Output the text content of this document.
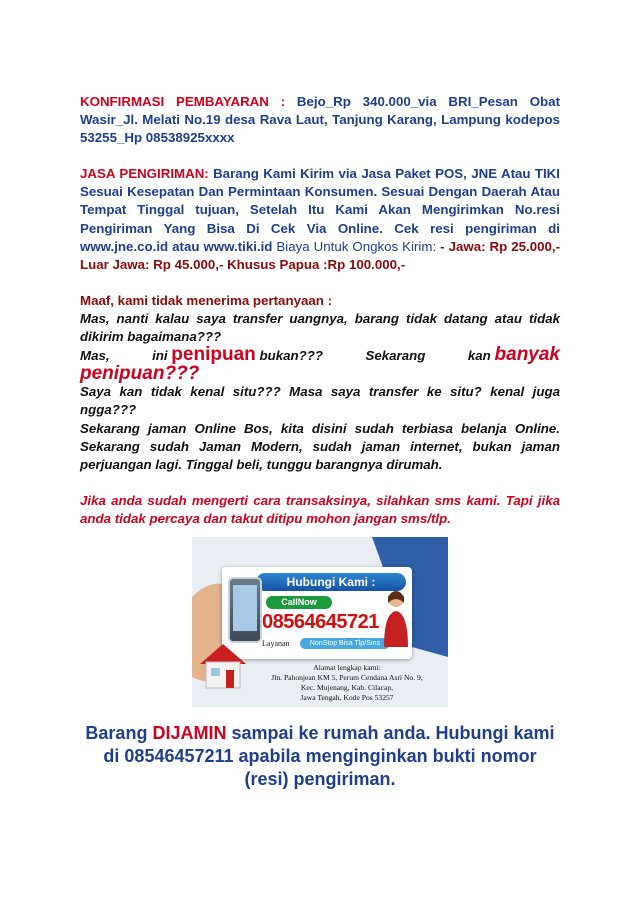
KONFIRMASI PEMBAYARAN : Bejo_Rp 340.000_via BRI_Pesan Obat Wasir_Jl. Melati No.19 desa Rava Laut, Tanjung Karang, Lampung kodepos 53255_Hp 08538925xxxx

JASA PENGIRIMAN: Barang Kami Kirim via Jasa Paket POS, JNE Atau TIKI Sesuai Kesepatan Dan Permintaan Konsumen. Sesuai Dengan Daerah Atau Tempat Tinggal tujuan, Setelah Itu Kami Akan Mengirimkan No.resi Pengiriman Yang Bisa Di Cek Via Online. Cek resi pengiriman di www.jne.co.id atau www.tiki.id Biaya Untuk Ongkos Kirim: - Jawa: Rp 25.000,- Luar Jawa: Rp 45.000,- Khusus Papua :Rp 100.000,-

Maaf, kami tidak menerima pertanyaan :

Mas, nanti kalau saya transfer uangnya, barang tidak datang atau tidak dikirim bagaimana???

Mas,	ini penipuan bukan???	Sekarang	kan banyak

penipuan???

Saya kan tidak kenal situ??? Masa saya transfer ke situ? kenal juga ngga???

Sekarang jaman Online Bos, kita disini sudah terbiasa belanja Online. Sekarang sudah Jaman Modern, sudah jaman internet, bukan jaman perjuangan lagi. Tinggal beli, tunggu barangnya dirumah.

Jika anda sudah mengerti cara transaksinya, silahkan sms kami. Tapi jika anda tidak percaya dan takut ditipu mohon jangan sms/tlp.

Hubungi Kami :
CallNow
08564645721
Layanan	NonStop Bisa Tlp/Sms
Alamat lengkap kami:
Jln. Pahonjean KM 5, Perum Cendana Asri No. 9,
Kec. Mujenang, Kab. Cilacap,
Jawa Tengah, Kode Pos 53257
Barang DIJAMIN sampai ke rumah anda. Hubungi kami di 08546457211 apabila menginginkan bukti nomor (resi) pengiriman.
